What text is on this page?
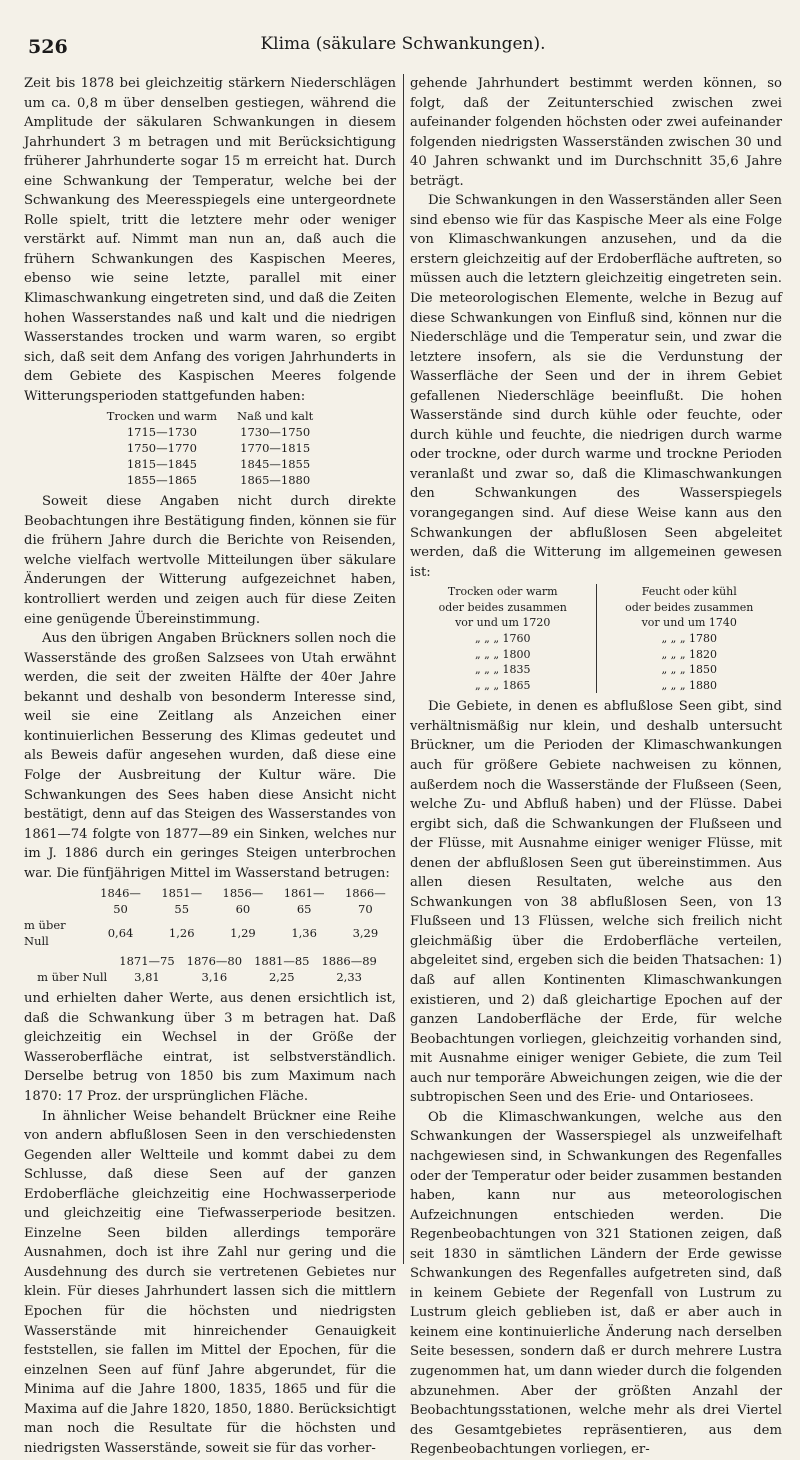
526	Klima (säkulare Schwankungen).

Zeit bis 1878 bei gleichzeitig stärkern Niederschlägen um ca. 0,8 m über denselben gestiegen, während die Amplitude der säkularen Schwankungen in diesem Jahrhundert 3 m betragen und mit Berücksichtigung früherer Jahrhunderte sogar 15 m erreicht hat. Durch eine Schwankung der Temperatur, welche bei der Schwankung des Meeresspiegels eine untergeordnete Rolle spielt, tritt die letztere mehr oder weniger verstärkt auf. Nimmt man nun an, daß auch die frühern Schwankungen des Kaspischen Meeres, ebenso wie seine letzte, parallel mit einer Klimaschwankung eingetreten sind, und daß die Zeiten hohen Wasserstandes naß und kalt und die niedrigen Wasserstandes trocken und warm waren, so ergibt sich, daß seit dem Anfang des vorigen Jahrhunderts in dem Gebiete des Kaspischen Meeres folgende Witterungsperioden stattgefunden haben:

Trocken und warm	Naß und kalt
1715—1730	1730—1750
1750—1770	1770—1815
1815—1845	1845—1855
1855—1865	1865—1880

Soweit diese Angaben nicht durch direkte Beobachtungen ihre Bestätigung finden, können sie für die frühern Jahre durch die Berichte von Reisenden, welche vielfach wertvolle Mitteilungen über säkulare Änderungen der Witterung aufgezeichnet haben, kontrolliert werden und zeigen auch für diese Zeiten eine genügende Übereinstimmung.

Aus den übrigen Angaben Brückners sollen noch die Wasserstände des großen Salzsees von Utah erwähnt werden, die seit der zweiten Hälfte der 40er Jahre bekannt und deshalb von besonderm Interesse sind, weil sie eine Zeitlang als Anzeichen einer kontinuierlichen Besserung des Klimas gedeutet und als Beweis dafür angesehen wurden, daß diese eine Folge der Ausbreitung der Kultur wäre. Die Schwankungen des Sees haben diese Ansicht nicht bestätigt, denn auf das Steigen des Wasserstandes von 1861—74 folgte von 1877—89 ein Sinken, welches nur im J. 1886 durch ein geringes Steigen unterbrochen war. Die fünfjährigen Mittel im Wasserstand betrugen:

	1846—50	1851—55	1856—60	1861—65	1866—70
m über Null	0,64	1,26	1,29	1,36	3,29
	1871—75	1876—80	1881—85	1886—89
m über Null	3,81	3,16	2,25	2,33

und erhielten daher Werte, aus denen ersichtlich ist, daß die Schwankung über 3 m betragen hat. Daß gleichzeitig ein Wechsel in der Größe der Wasseroberfläche eintrat, ist selbstverständlich. Derselbe betrug von 1850 bis zum Maximum nach 1870: 17 Proz. der ursprünglichen Fläche.

In ähnlicher Weise behandelt Brückner eine Reihe von andern abflußlosen Seen in den verschiedensten Gegenden aller Weltteile und kommt dabei zu dem Schlusse, daß diese Seen auf der ganzen Erdoberfläche gleichzeitig eine Hochwasserperiode und gleichzeitig eine Tiefwasserperiode besitzen. Einzelne Seen bilden allerdings temporäre Ausnahmen, doch ist ihre Zahl nur gering und die Ausdehnung des durch sie vertretenen Gebietes nur klein. Für dieses Jahrhundert lassen sich die mittlern Epochen für die höchsten und niedrigsten Wasserstände mit hinreichender Genauigkeit feststellen, sie fallen im Mittel der Epochen, für die einzelnen Seen auf fünf Jahre abgerundet, für die Minima auf die Jahre 1800, 1835, 1865 und für die Maxima auf die Jahre 1820, 1850, 1880. Berücksichtigt man noch die Resultate für die höchsten und niedrigsten Wasserstände, soweit sie für das vorher-

gehende Jahrhundert bestimmt werden können, so folgt, daß der Zeitunterschied zwischen zwei aufeinander folgenden höchsten oder zwei aufeinander folgenden niedrigsten Wasserständen zwischen 30 und 40 Jahren schwankt und im Durchschnitt 35,6 Jahre beträgt.

Die Schwankungen in den Wasserständen aller Seen sind ebenso wie für das Kaspische Meer als eine Folge von Klimaschwankungen anzusehen, und da die erstern gleichzeitig auf der Erdoberfläche auftreten, so müssen auch die letztern gleichzeitig eingetreten sein. Die meteorologischen Elemente, welche in Bezug auf diese Schwankungen von Einfluß sind, können nur die Niederschläge und die Temperatur sein, und zwar die letztere insofern, als sie die Verdunstung der Wasserfläche der Seen und der in ihrem Gebiet gefallenen Niederschläge beeinflußt. Die hohen Wasserstände sind durch kühle oder feuchte, oder durch kühle und feuchte, die niedrigen durch warme oder trockne, oder durch warme und trockne Perioden veranlaßt und zwar so, daß die Klimaschwankungen den Schwankungen des Wasserspiegels vorangegangen sind. Auf diese Weise kann aus den Schwankungen der abflußlosen Seen abgeleitet werden, daß die Witterung im allgemeinen gewesen ist:

Trocken oder warm	Feucht oder kühl
oder beides zusammen	oder beides zusammen
vor und um 1720	vor und um 1740
„ „ „ 1760	„ „ „ 1780
„ „ „ 1800	„ „ „ 1820
„ „ „ 1835	„ „ „ 1850
„ „ „ 1865	„ „ „ 1880

Die Gebiete, in denen es abflußlose Seen gibt, sind verhältnismäßig nur klein, und deshalb untersucht Brückner, um die Perioden der Klimaschwankungen auch für größere Gebiete nachweisen zu können, außerdem noch die Wasserstände der Flußseen (Seen, welche Zu- und Abfluß haben) und der Flüsse. Dabei ergibt sich, daß die Schwankungen der Flußseen und der Flüsse, mit Ausnahme einiger weniger Flüsse, mit denen der abflußlosen Seen gut übereinstimmen. Aus allen diesen Resultaten, welche aus den Schwankungen von 38 abflußlosen Seen, von 13 Flußseen und 13 Flüssen, welche sich freilich nicht gleichmäßig über die Erdoberfläche verteilen, abgeleitet sind, ergeben sich die beiden Thatsachen: 1) daß auf allen Kontinenten Klimaschwankungen existieren, und 2) daß gleichartige Epochen auf der ganzen Landoberfläche der Erde, für welche Beobachtungen vorliegen, gleichzeitig vorhanden sind, mit Ausnahme einiger weniger Gebiete, die zum Teil auch nur temporäre Abweichungen zeigen, wie die der subtropischen Seen und des Erie- und Ontariosees.

Ob die Klimaschwankungen, welche aus den Schwankungen der Wasserspiegel als unzweifelhaft nachgewiesen sind, in Schwankungen des Regenfalles oder der Temperatur oder beider zusammen bestanden haben, kann nur aus meteorologischen Aufzeichnungen entschieden werden. Die Regenbeobachtungen von 321 Stationen zeigen, daß seit 1830 in sämtlichen Ländern der Erde gewisse Schwankungen des Regenfalles aufgetreten sind, daß in keinem Gebiete der Regenfall von Lustrum zu Lustrum gleich geblieben ist, daß er aber auch in keinem eine kontinuierliche Änderung nach derselben Seite besessen, sondern daß er durch mehrere Lustra zugenommen hat, um dann wieder durch die folgenden abzunehmen. Aber der größten Anzahl der Beobachtungsstationen, welche mehr als drei Viertel des Gesamtgebietes repräsentieren, aus dem Regenbeobachtungen vorliegen, er-
